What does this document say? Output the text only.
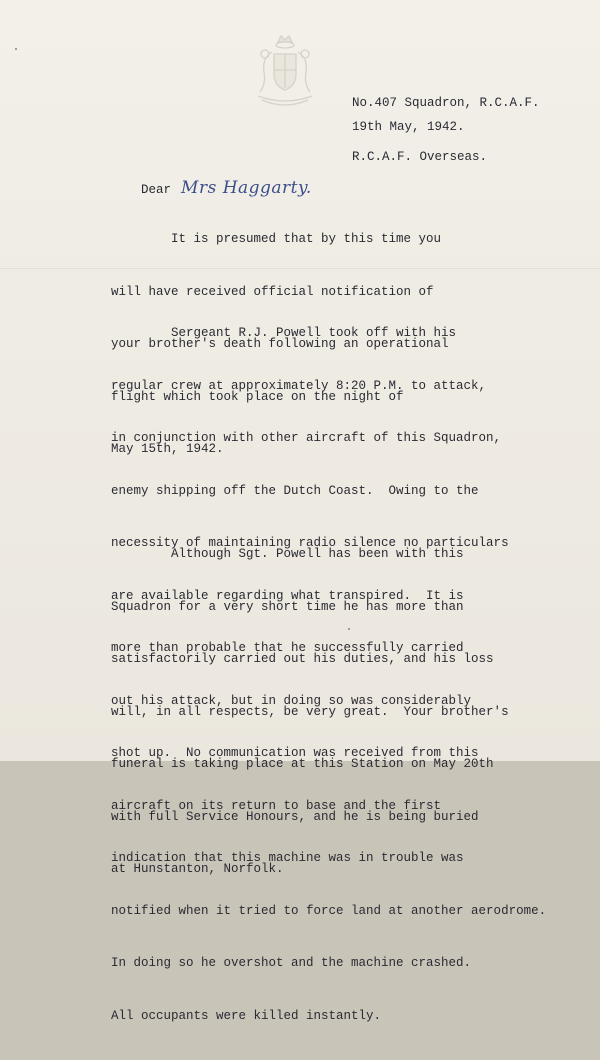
No.407 Squadron, R.C.A.F.

R.C.A.F. Overseas.

19th May, 1942.

Dear Mrs Haggarty.

It is presumed that by this time you

will have received official notification of

your brother's death following an operational

flight which took place on the night of

May 15th, 1942.

Sergeant R.J. Powell took off with his

regular crew at approximately 8:20 P.M. to attack,

in conjunction with other aircraft of this Squadron,

enemy shipping off the Dutch Coast.  Owing to the

necessity of maintaining radio silence no particulars

are available regarding what transpired.  It is

more than probable that he successfully carried

out his attack, but in doing so was considerably

shot up.  No communication was received from this

aircraft on its return to base and the first

indication that this machine was in trouble was

notified when it tried to force land at another aerodrome.

In doing so he overshot and the machine crashed.

All occupants were killed instantly.

Although Sgt. Powell has been with this

Squadron for a very short time he has more than

satisfactorily carried out his duties, and his loss

will, in all respects, be very great.  Your brother's

funeral is taking place at this Station on May 20th

with full Service Honours, and he is being buried

at Hunstanton, Norfolk.
